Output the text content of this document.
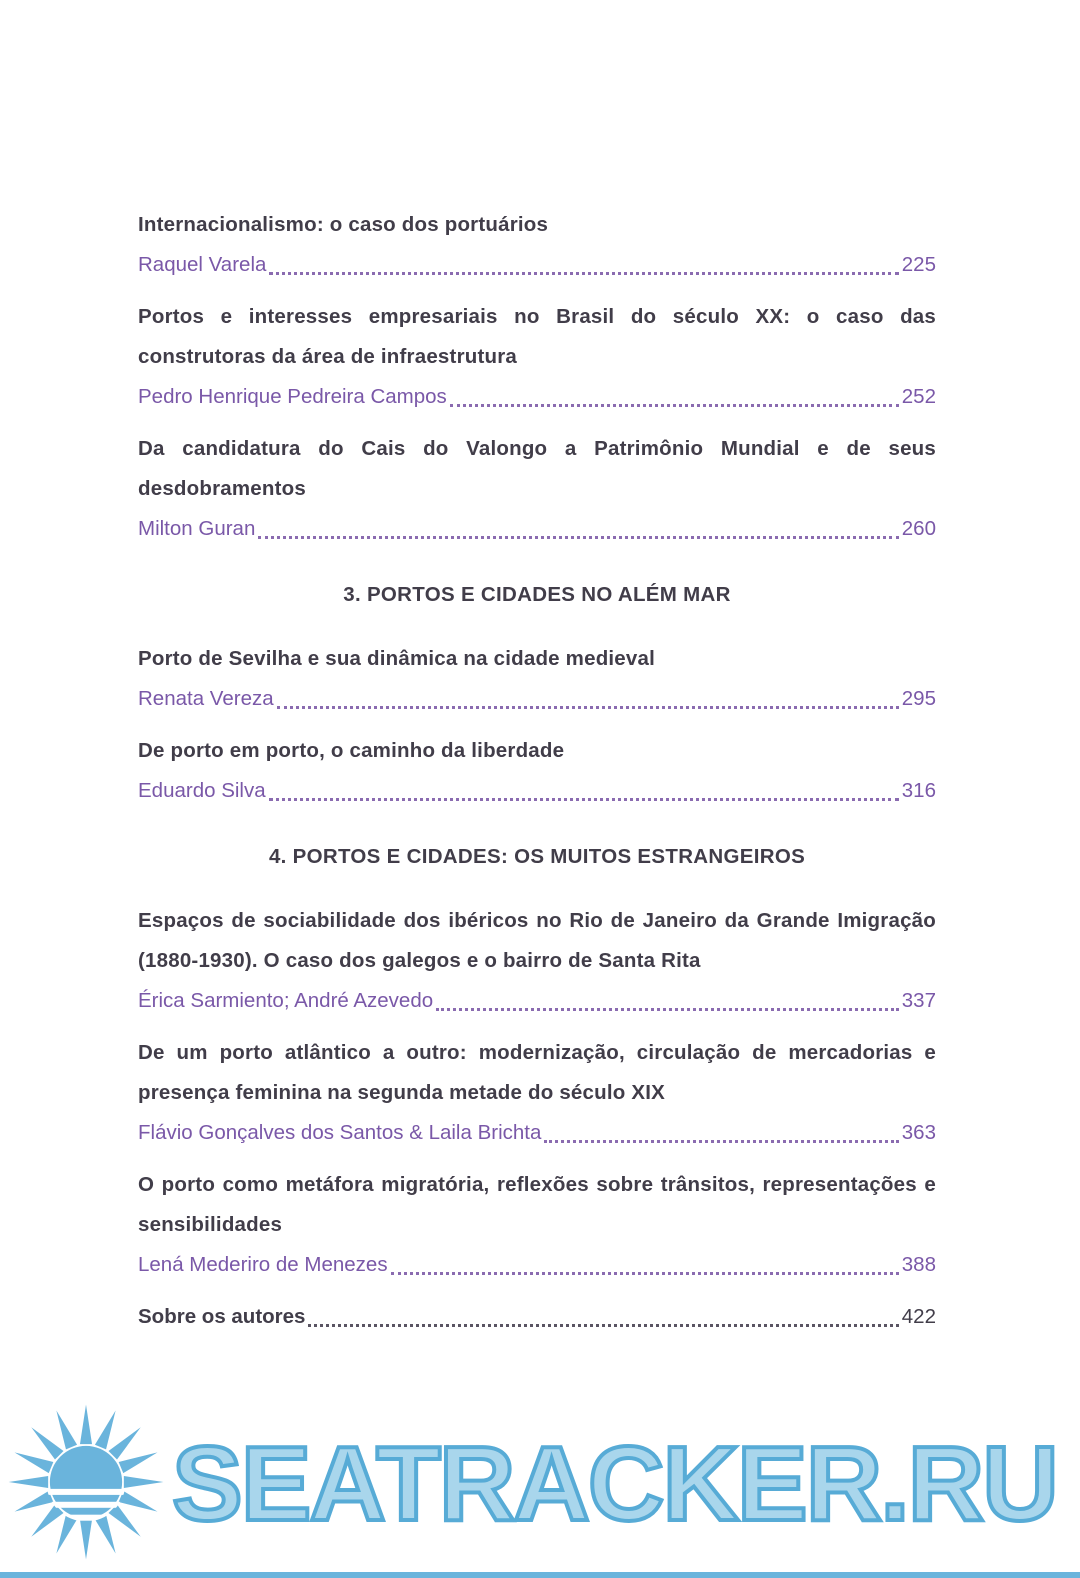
Internacionalismo: o caso dos portuários
Raquel Varela	225
Portos e interesses empresariais no Brasil do século XX: o caso das construtoras da área de infraestrutura
Pedro Henrique Pedreira Campos	252
Da candidatura do Cais do Valongo a Patrimônio Mundial e de seus desdobramentos
Milton Guran	260
3. PORTOS E CIDADES NO ALÉM MAR
Porto de Sevilha e sua dinâmica na cidade medieval
Renata Vereza	295
De porto em porto, o caminho da liberdade
Eduardo Silva	316
4. PORTOS E CIDADES: OS MUITOS ESTRANGEIROS
Espaços de sociabilidade dos ibéricos no Rio de Janeiro da Grande Imigração (1880-1930). O caso dos galegos e o bairro de Santa Rita
Érica Sarmiento; André Azevedo	337
De um porto atlântico a outro: modernização, circulação de mercadorias e presença feminina na segunda metade do século XIX
Flávio Gonçalves dos Santos & Laila Brichta	363
O porto como metáfora migratória, reflexões sobre trânsitos, representações e sensibilidades
Lená Mederiro de Menezes	388
Sobre os autores	422
SEATRACKER.RU
